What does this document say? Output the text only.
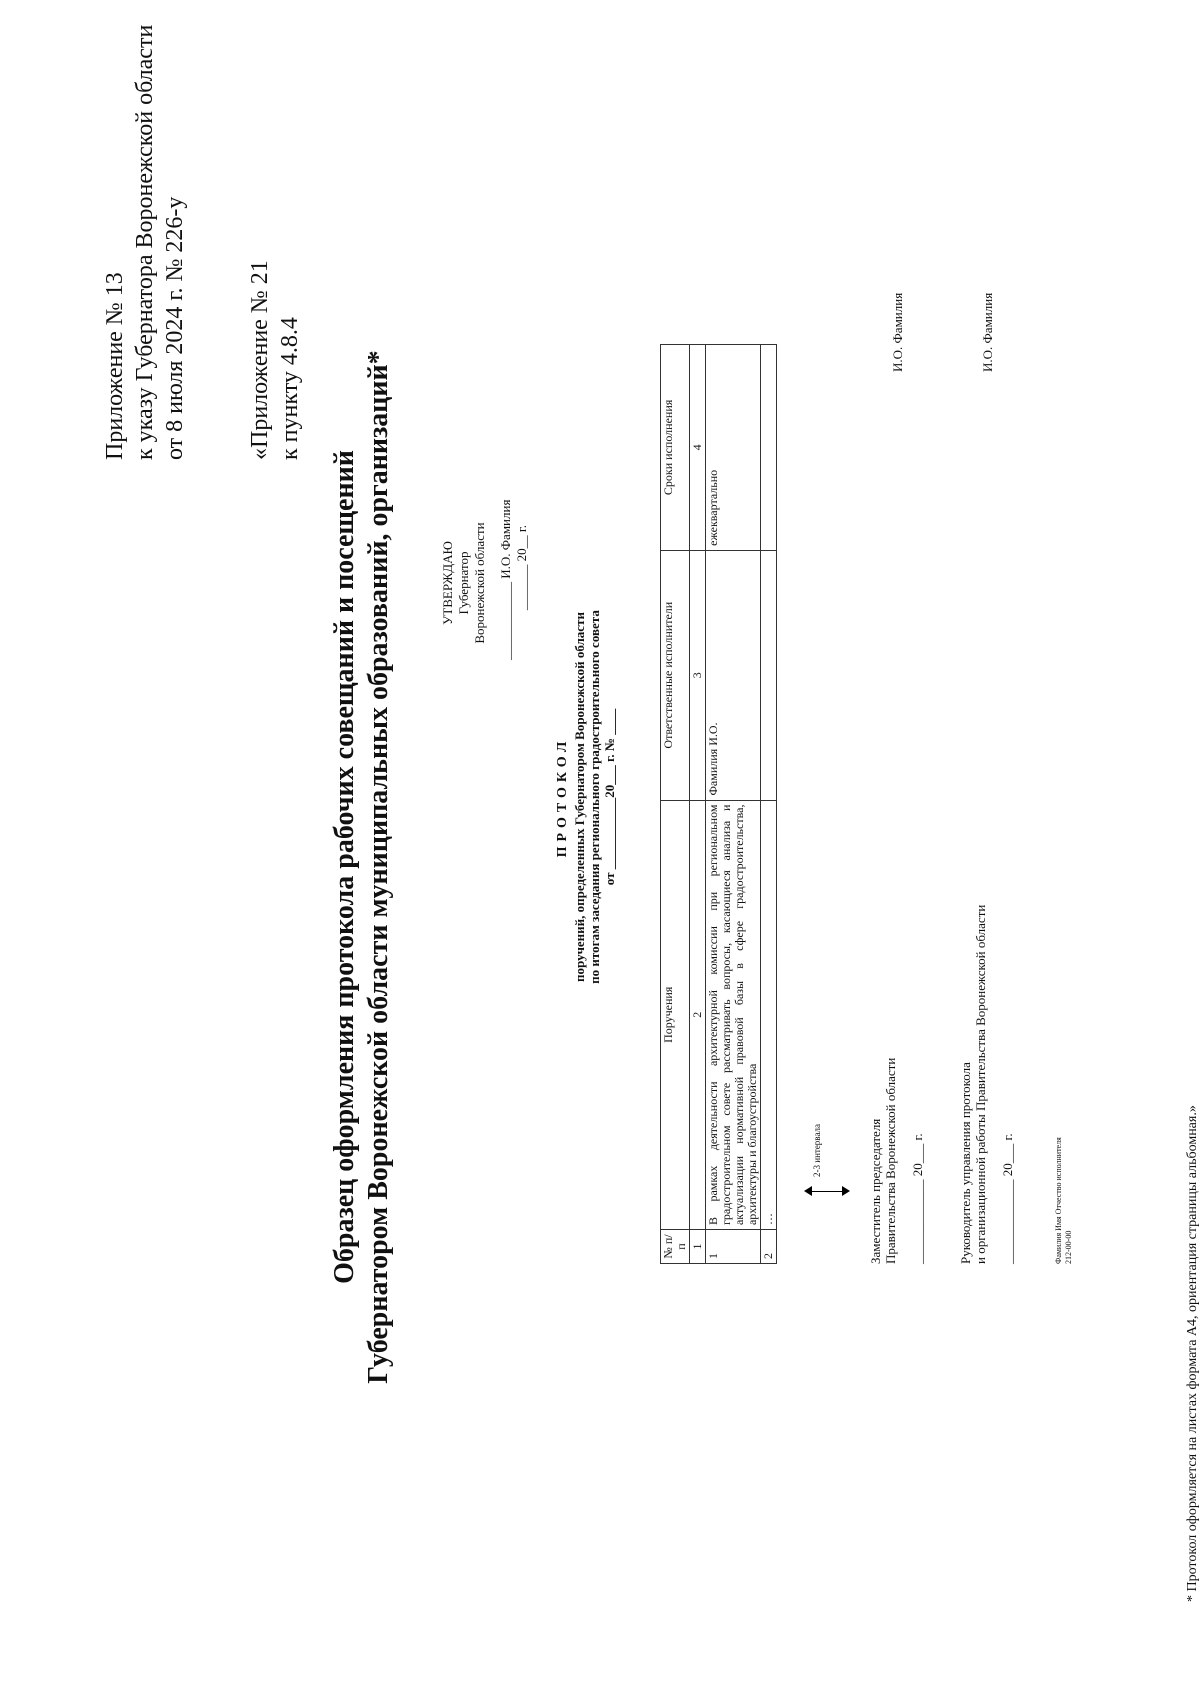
Приложение № 13 к указу Губернатора Воронежской области от 8 июля 2024 г. № 226-у «Приложение № 21 к пункту 4.8.4
Образец оформления протокола рабочих совещаний и посещений Губернатором Воронежской области муниципальных образований, организаций*	УТВЕРЖДАЮ Губернатор Воронежской области ____________ И.О. Фамилия _______ 20__ г.
ПРОТОКОЛ поручений, определенных Губернатором Воронежской области по итогам заседания регионального градостроительного совета от ___________20___ г. № ____
№ п/п	Поручения	Ответственные исполнители	Сроки исполнения
1	2	3	4
1	В рамках деятельности архитектурной комиссии при региональном градостроительном совете рассматривать вопросы, касающиеся анализа и актуализации нормативной правовой базы в сфере градостроительства, архитектуры и благоустройства	Фамилия И.О.	ежеквартально
2	…		
2-3 интервала	Заместитель председателя Правительства Воронежской области _____________ 20___ г.
И.О. Фамилия
Руководитель управления протокола и организационной работы Правительства Воронежской области _____________ 20___ г.
И.О. Фамилия
Фамилия Имя Отчество исполнителя 212-00-00	* Протокол оформляется на листах формата А4, ориентация страницы альбомная.»
